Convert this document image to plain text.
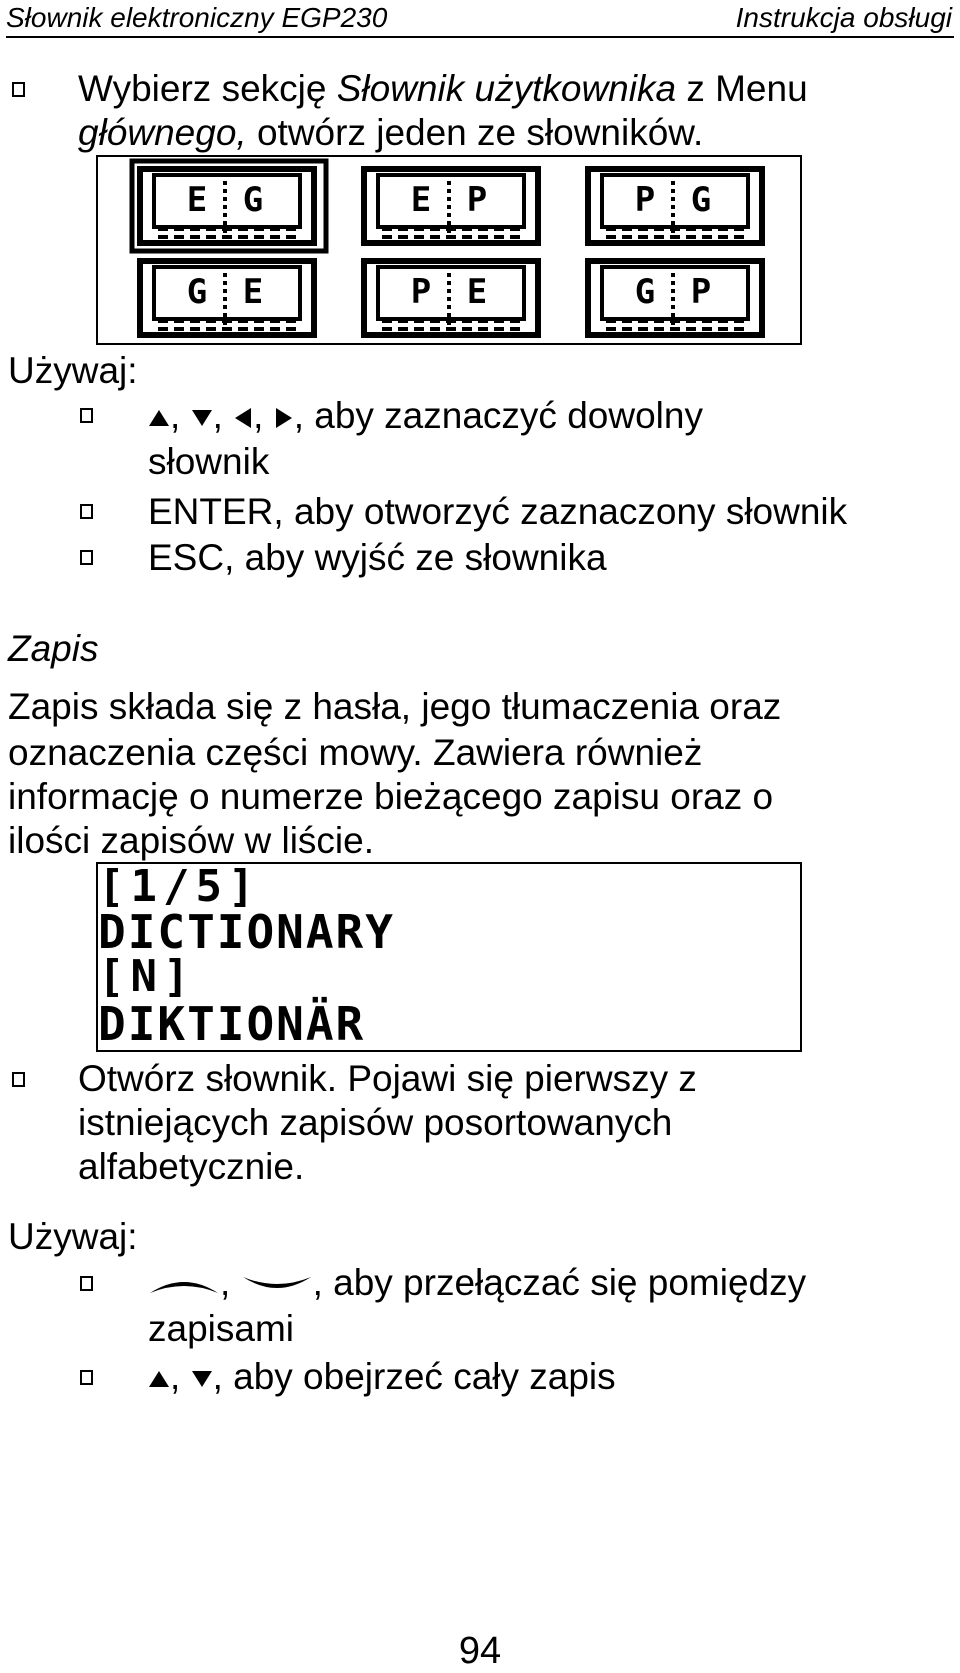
Słownik elektroniczny EGP230	Instrukcja obsługi
Wybierz sekcję Słownik użytkownika z Menu
głównego, otwórz jeden ze słowników.
E G	E P	P G
G E	P E	G P
Używaj:
, , , , aby zaznaczyć dowolny
słownik
ENTER, aby otworzyć zaznaczony słownik
ESC, aby wyjść ze słownika
Zapis
Zapis składa się z hasła, jego tłumaczenia oraz
oznaczenia części mowy. Zawiera również
informację o numerze bieżącego zapisu oraz o
ilości zapisów w liście.
[1/5]
DICTIONARY
[N]
DIKTIONÄR
Otwórz słownik. Pojawi się pierwszy z
istniejących zapisów posortowanych
alfabetycznie.
Używaj:
, , aby przełączać się pomiędzy
zapisami
, , aby obejrzeć cały zapis
94
